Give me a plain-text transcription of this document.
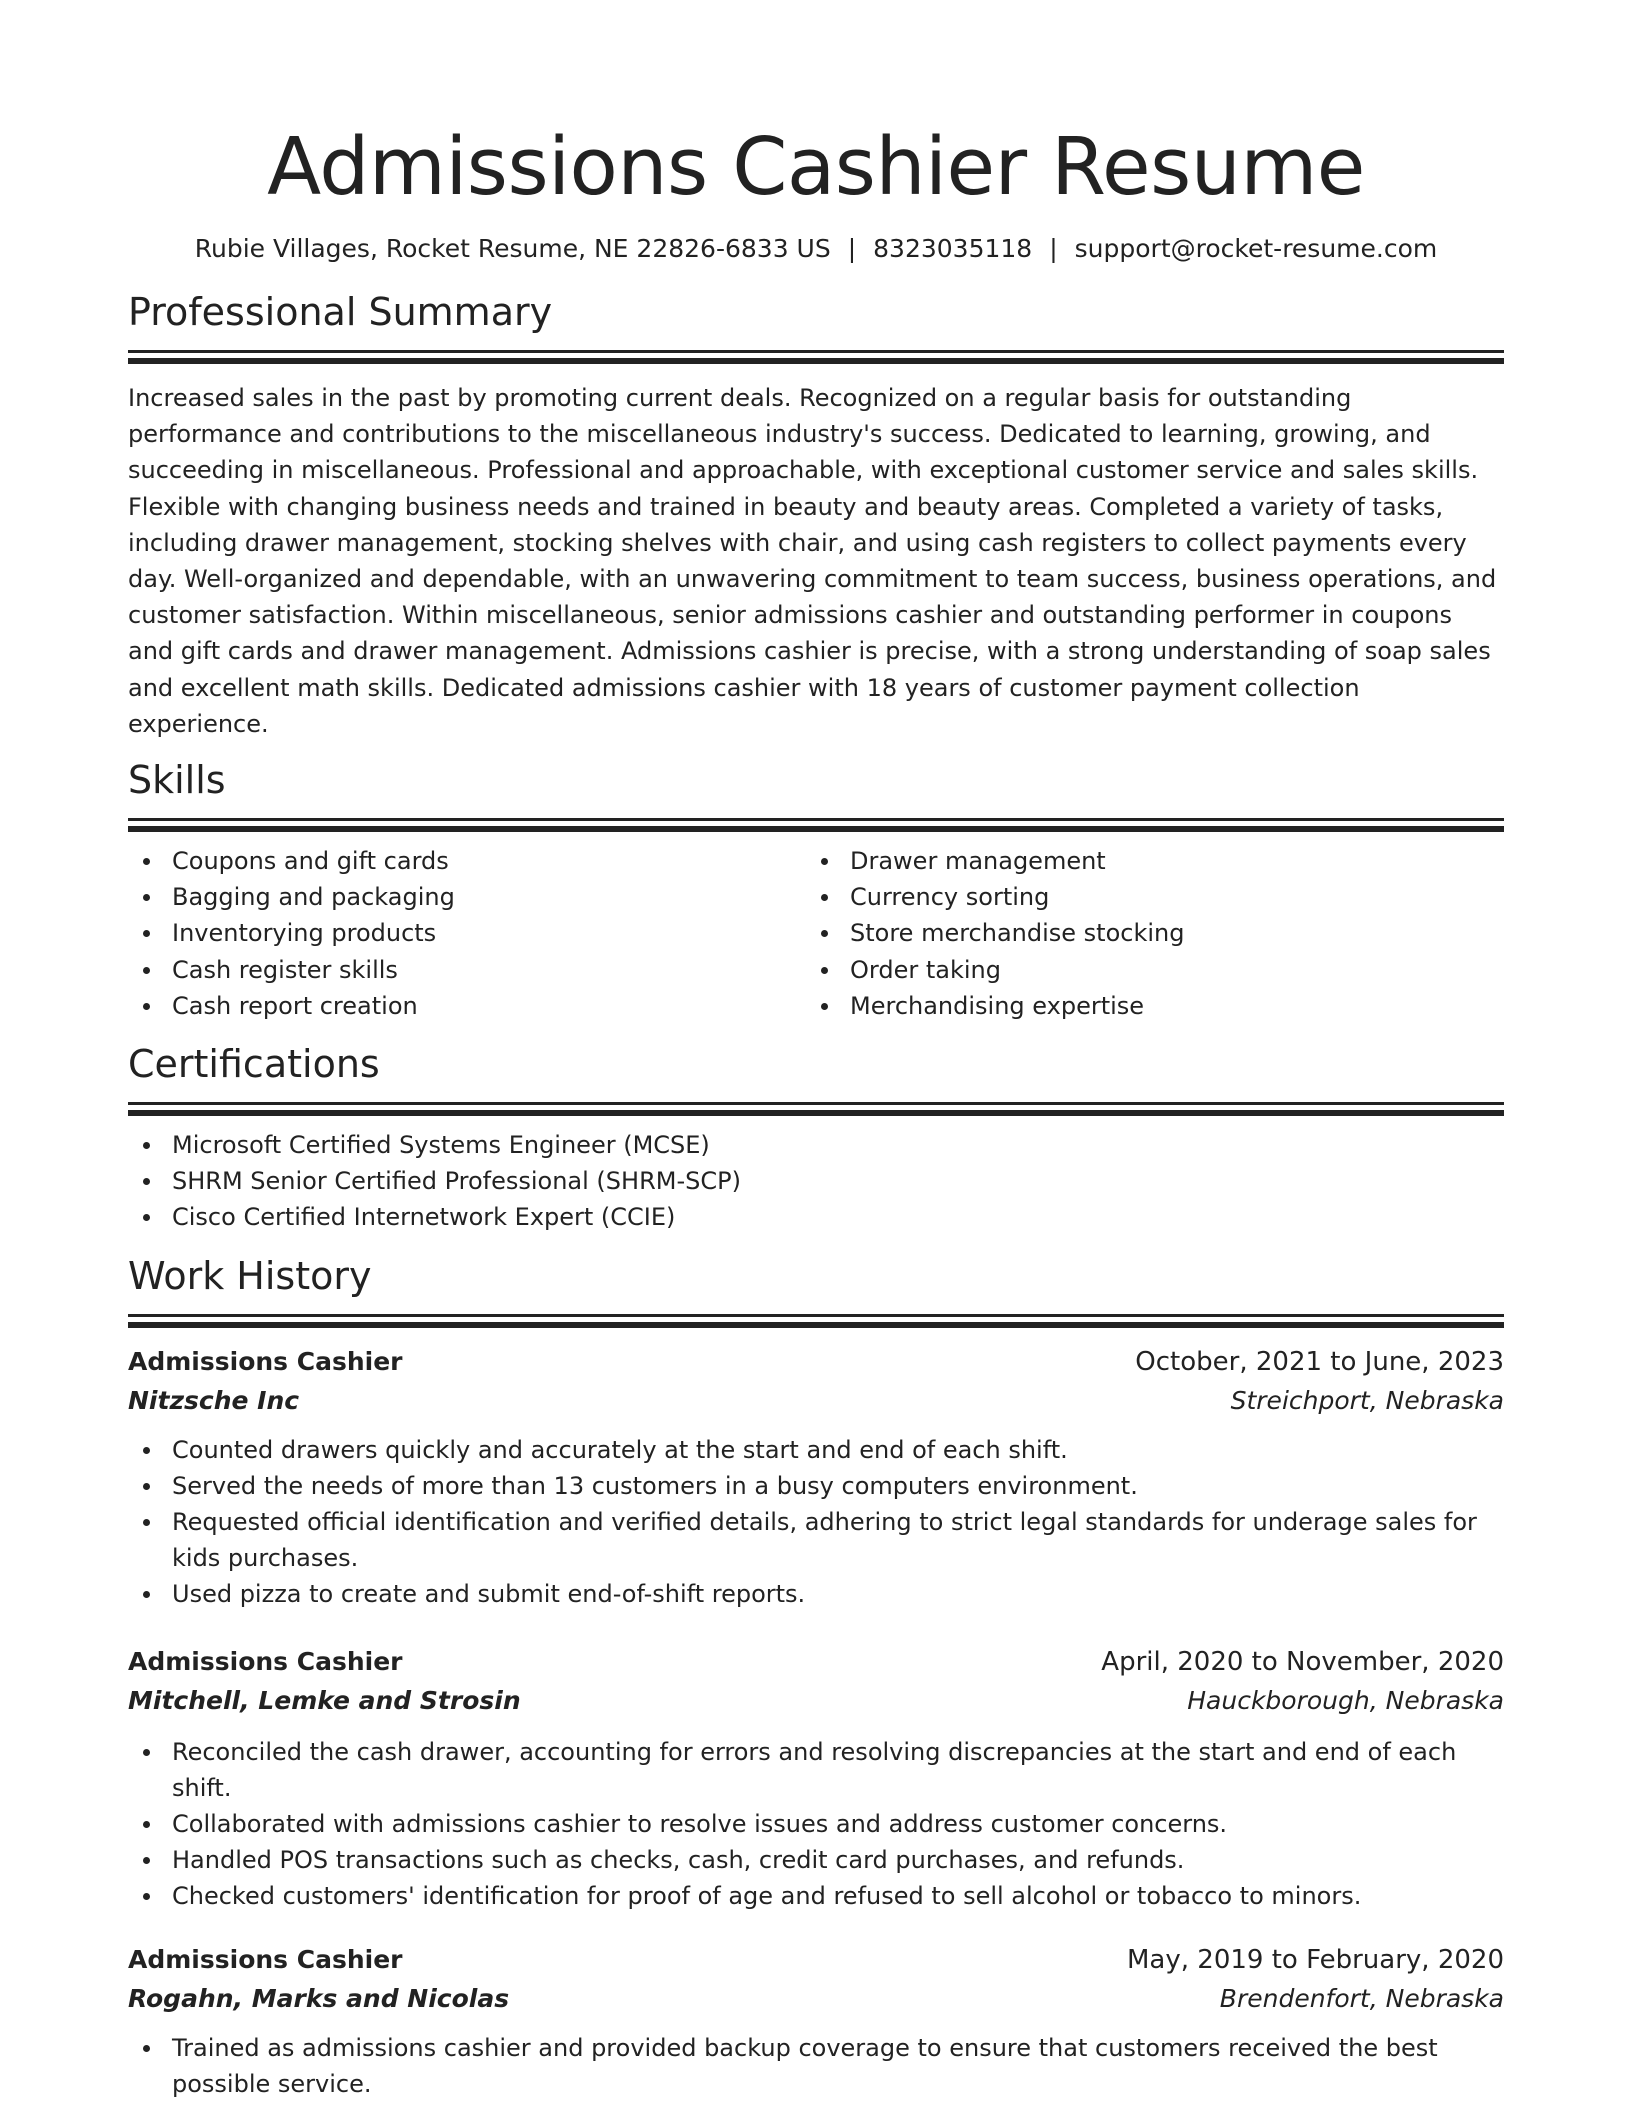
Admissions Cashier Resume
Rubie Villages, Rocket Resume, NE 22826-6833 US | 8323035118 | support@rocket-resume.com
Professional Summary

Increased sales in the past by promoting current deals. Recognized on a regular basis for outstanding performance and contributions to the miscellaneous industry's success. Dedicated to learning, growing, and succeeding in miscellaneous. Professional and approachable, with exceptional customer service and sales skills. Flexible with changing business needs and trained in beauty and beauty areas. Completed a variety of tasks, including drawer management, stocking shelves with chair, and using cash registers to collect payments every day. Well-organized and dependable, with an unwavering commitment to team success, business operations, and customer satisfaction. Within miscellaneous, senior admissions cashier and outstanding performer in coupons and gift cards and drawer management. Admissions cashier is precise, with a strong understanding of soap sales and excellent math skills. Dedicated admissions cashier with 18 years of customer payment collection experience.

Skills
Coupons and gift cards
Bagging and packaging
Inventorying products
Cash register skills
Cash report creation
Drawer management
Currency sorting
Store merchandise stocking
Order taking
Merchandising expertise
Certifications
Microsoft Certified Systems Engineer (MCSE)
SHRM Senior Certified Professional (SHRM-SCP)
Cisco Certified Internetwork Expert (CCIE)
Work History
Admissions Cashier	October, 2021 to June, 2023
Nitzsche Inc	Streichport, Nebraska
Counted drawers quickly and accurately at the start and end of each shift.
Served the needs of more than 13 customers in a busy computers environment.
Requested official identification and verified details, adhering to strict legal standards for underage sales for kids purchases.
Used pizza to create and submit end-of-shift reports.
Admissions Cashier	April, 2020 to November, 2020
Mitchell, Lemke and Strosin	Hauckborough, Nebraska
Reconciled the cash drawer, accounting for errors and resolving discrepancies at the start and end of each shift.
Collaborated with admissions cashier to resolve issues and address customer concerns.
Handled POS transactions such as checks, cash, credit card purchases, and refunds.
Checked customers' identification for proof of age and refused to sell alcohol or tobacco to minors.
Admissions Cashier	May, 2019 to February, 2020
Rogahn, Marks and Nicolas	Brendenfort, Nebraska
Trained as admissions cashier and provided backup coverage to ensure that customers received the best possible service.
